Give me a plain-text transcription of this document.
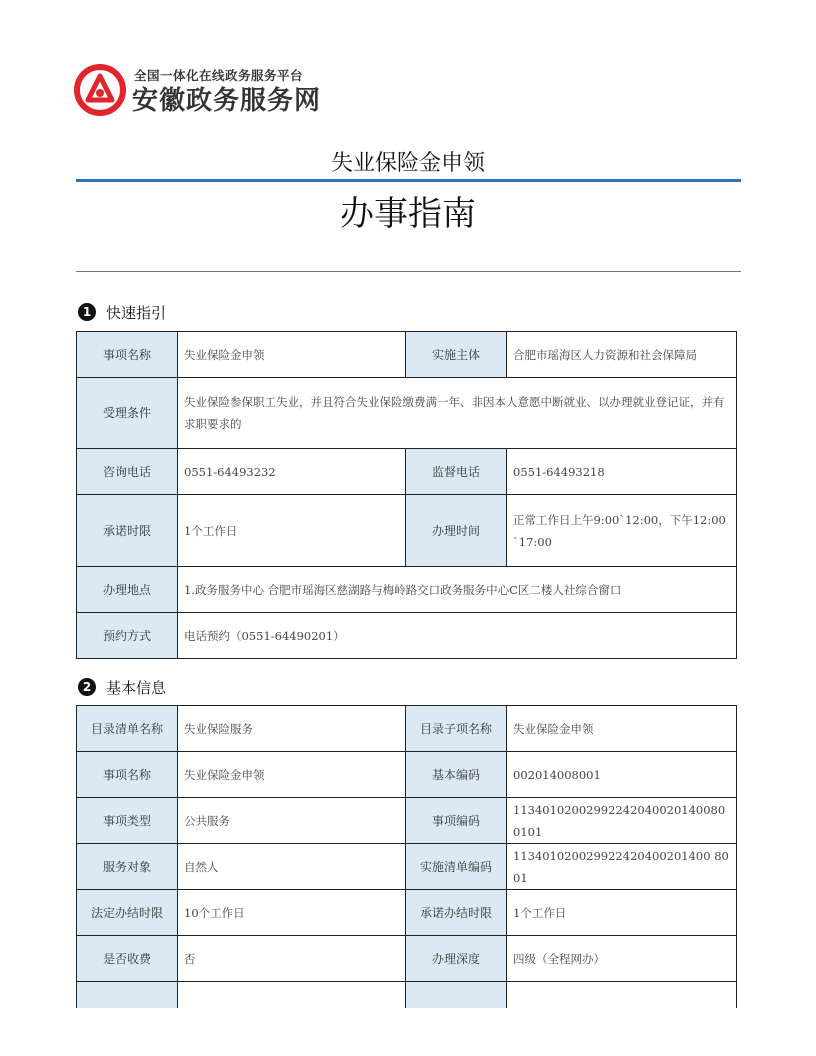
全国一体化在线政务服务平台
安徽政务服务网
失业保险金申领
办事指南
1 快速指引
事项名称	失业保险金申领	实施主体	合肥市瑶海区人力资源和社会保障局
受理条件	失业保险参保职工失业，并且符合失业保险缴费满一年、非因本人意愿中断就业、以办理就业登记证，并有求职要求的		
咨询电话	0551-64493232	监督电话	0551-64493218
承诺时限	1个工作日	办理时间	正常工作日上午9:00`12:00，下午12:00`17:00
办理地点	1.政务服务中心 合肥市瑶海区慈湖路与梅岭路交口政务服务中心C区二楼人社综合窗口		
预约方式	电话预约（0551-64490201）		
2 基本信息
目录清单名称	失业保险服务	目录子项名称	失业保险金申领
事项名称	失业保险金申领	基本编码	002014008001
事项类型	公共服务	事项编码	11340102002992242040020140080 0101
服务对象	自然人	实施清单编码	113401020029922420400201400 8001
法定办结时限	10个工作日	承诺办结时限	1个工作日
是否收费	否	办理深度	四级（全程网办）
